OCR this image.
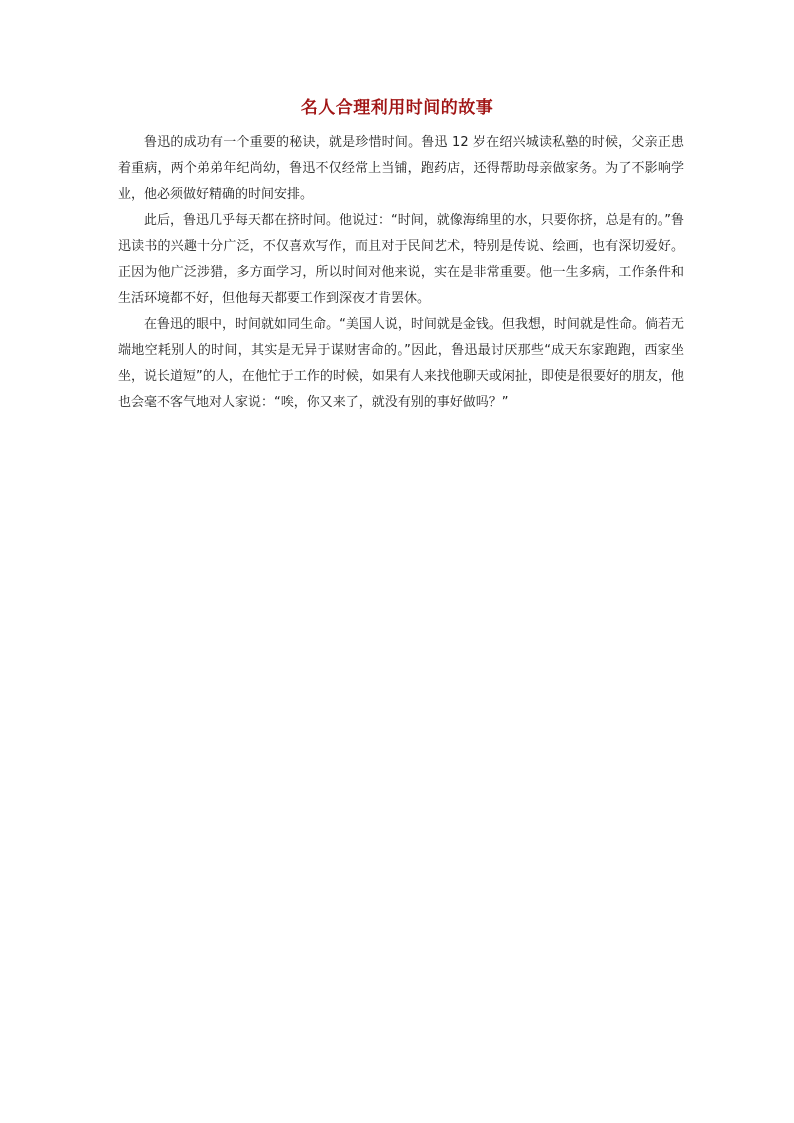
名人合理利用时间的故事

鲁迅的成功有一个重要的秘诀，就是珍惜时间。鲁迅 12 岁在绍兴城读私塾的时候，父亲正患着重病，两个弟弟年纪尚幼，鲁迅不仅经常上当铺，跑药店，还得帮助母亲做家务。为了不影响学业，他必须做好精确的时间安排。

此后，鲁迅几乎每天都在挤时间。他说过：“时间，就像海绵里的水，只要你挤，总是有的。”鲁迅读书的兴趣十分广泛，不仅喜欢写作，而且对于民间艺术，特别是传说、绘画，也有深切爱好。正因为他广泛涉猎，多方面学习，所以时间对他来说，实在是非常重要。他一生多病，工作条件和生活环境都不好，但他每天都要工作到深夜才肯罢休。

在鲁迅的眼中，时间就如同生命。“美国人说，时间就是金钱。但我想，时间就是性命。倘若无端地空耗别人的时间，其实是无异于谋财害命的。”因此，鲁迅最讨厌那些“成天东家跑跑，西家坐坐，说长道短”的人，在他忙于工作的时候，如果有人来找他聊天或闲扯，即使是很要好的朋友，他也会毫不客气地对人家说：“唉，你又来了，就没有别的事好做吗？”
